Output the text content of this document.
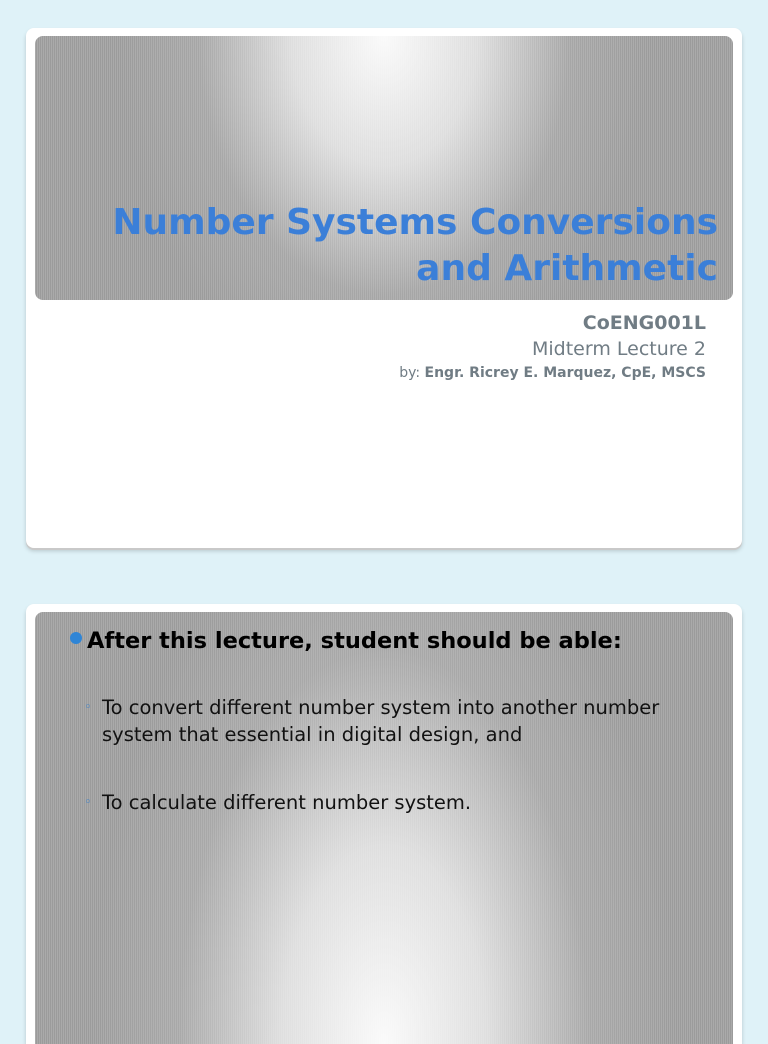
Number Systems Conversions
and Arithmetic
CoENG001L
Midterm Lecture 2
by: Engr. Ricrey E. Marquez, CpE, MSCS
After this lecture, student should be able:
◦ To convert different number system into another number system that essential in digital design, and
◦ To calculate different number system.
